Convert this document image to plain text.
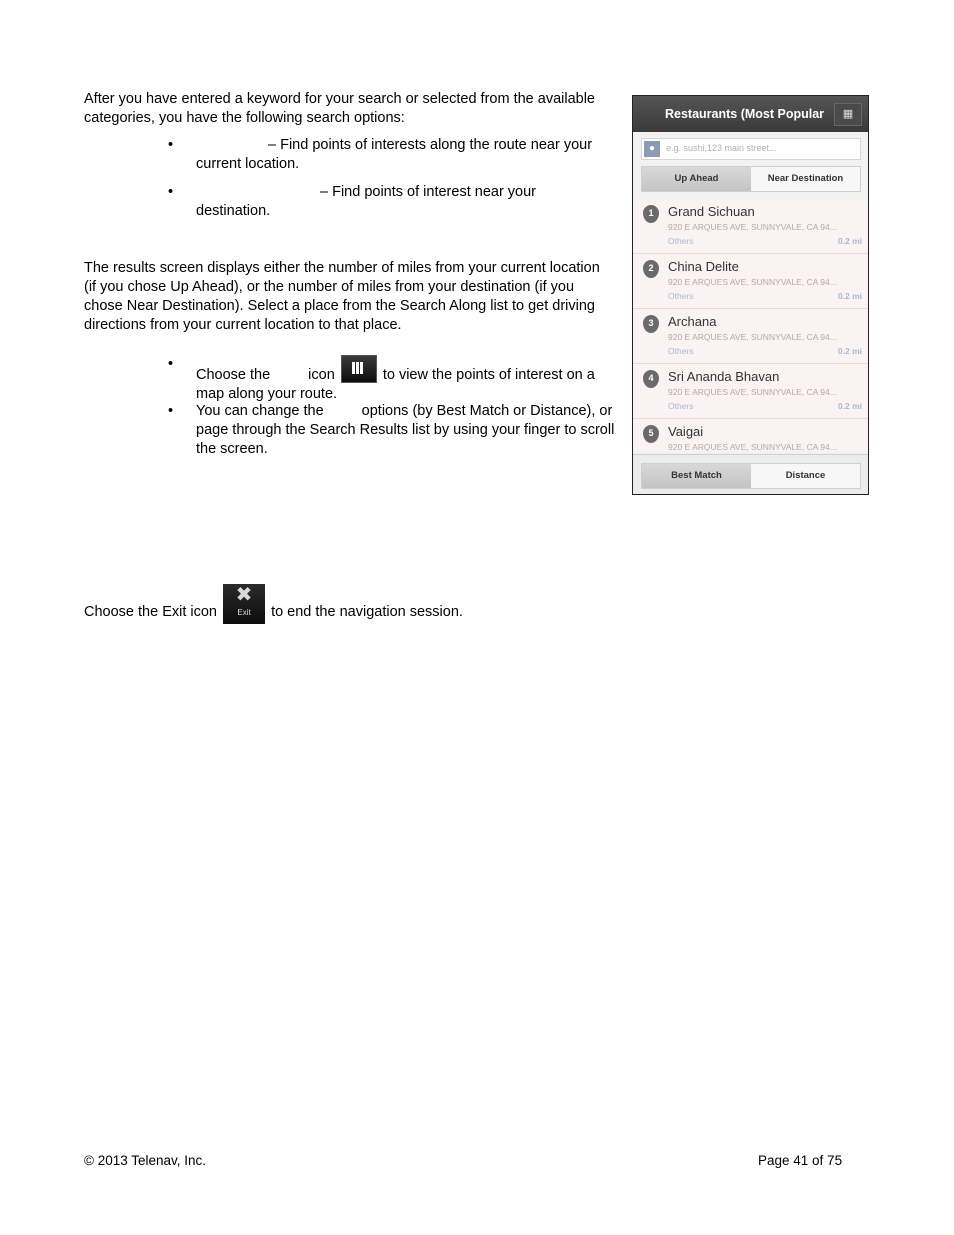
After you have entered a keyword for your search or selected from the available categories, you have the following search options:
•	– Find points of interests along the route near your current location.
•	– Find points of interest near your destination.
The results screen displays either the number of miles from your current location (if you chose Up Ahead), or the number of miles from your destination (if you chose Near Destination). Select a place from the Search Along list to get driving directions from your current location to that place.
•
Choose the	icon	to view the points of interest on a map along your route.
• You can change the	options (by Best Match or Distance), or page through the Search Results list by using your finger to scroll the screen.
Choose the Exit icon
✖
Exit	to end the navigation session.
Restaurants (Most Popular	▦
●	e.g. sushi,123 main street...
Up Ahead	Near Destination
1	Grand Sichuan
920 E ARQUES AVE, SUNNYVALE, CA 94...
Others	0.2 mi
2	China Delite
920 E ARQUES AVE, SUNNYVALE, CA 94...
Others	0.2 mi
3	Archana
920 E ARQUES AVE, SUNNYVALE, CA 94...
Others	0.2 mi
4	Sri Ananda Bhavan
920 E ARQUES AVE, SUNNYVALE, CA 94...
Others	0.2 mi
5	Vaigai
920 E ARQUES AVE, SUNNYVALE, CA 94...
Best Match	Distance
© 2013 Telenav, Inc.	Page 41 of 75
